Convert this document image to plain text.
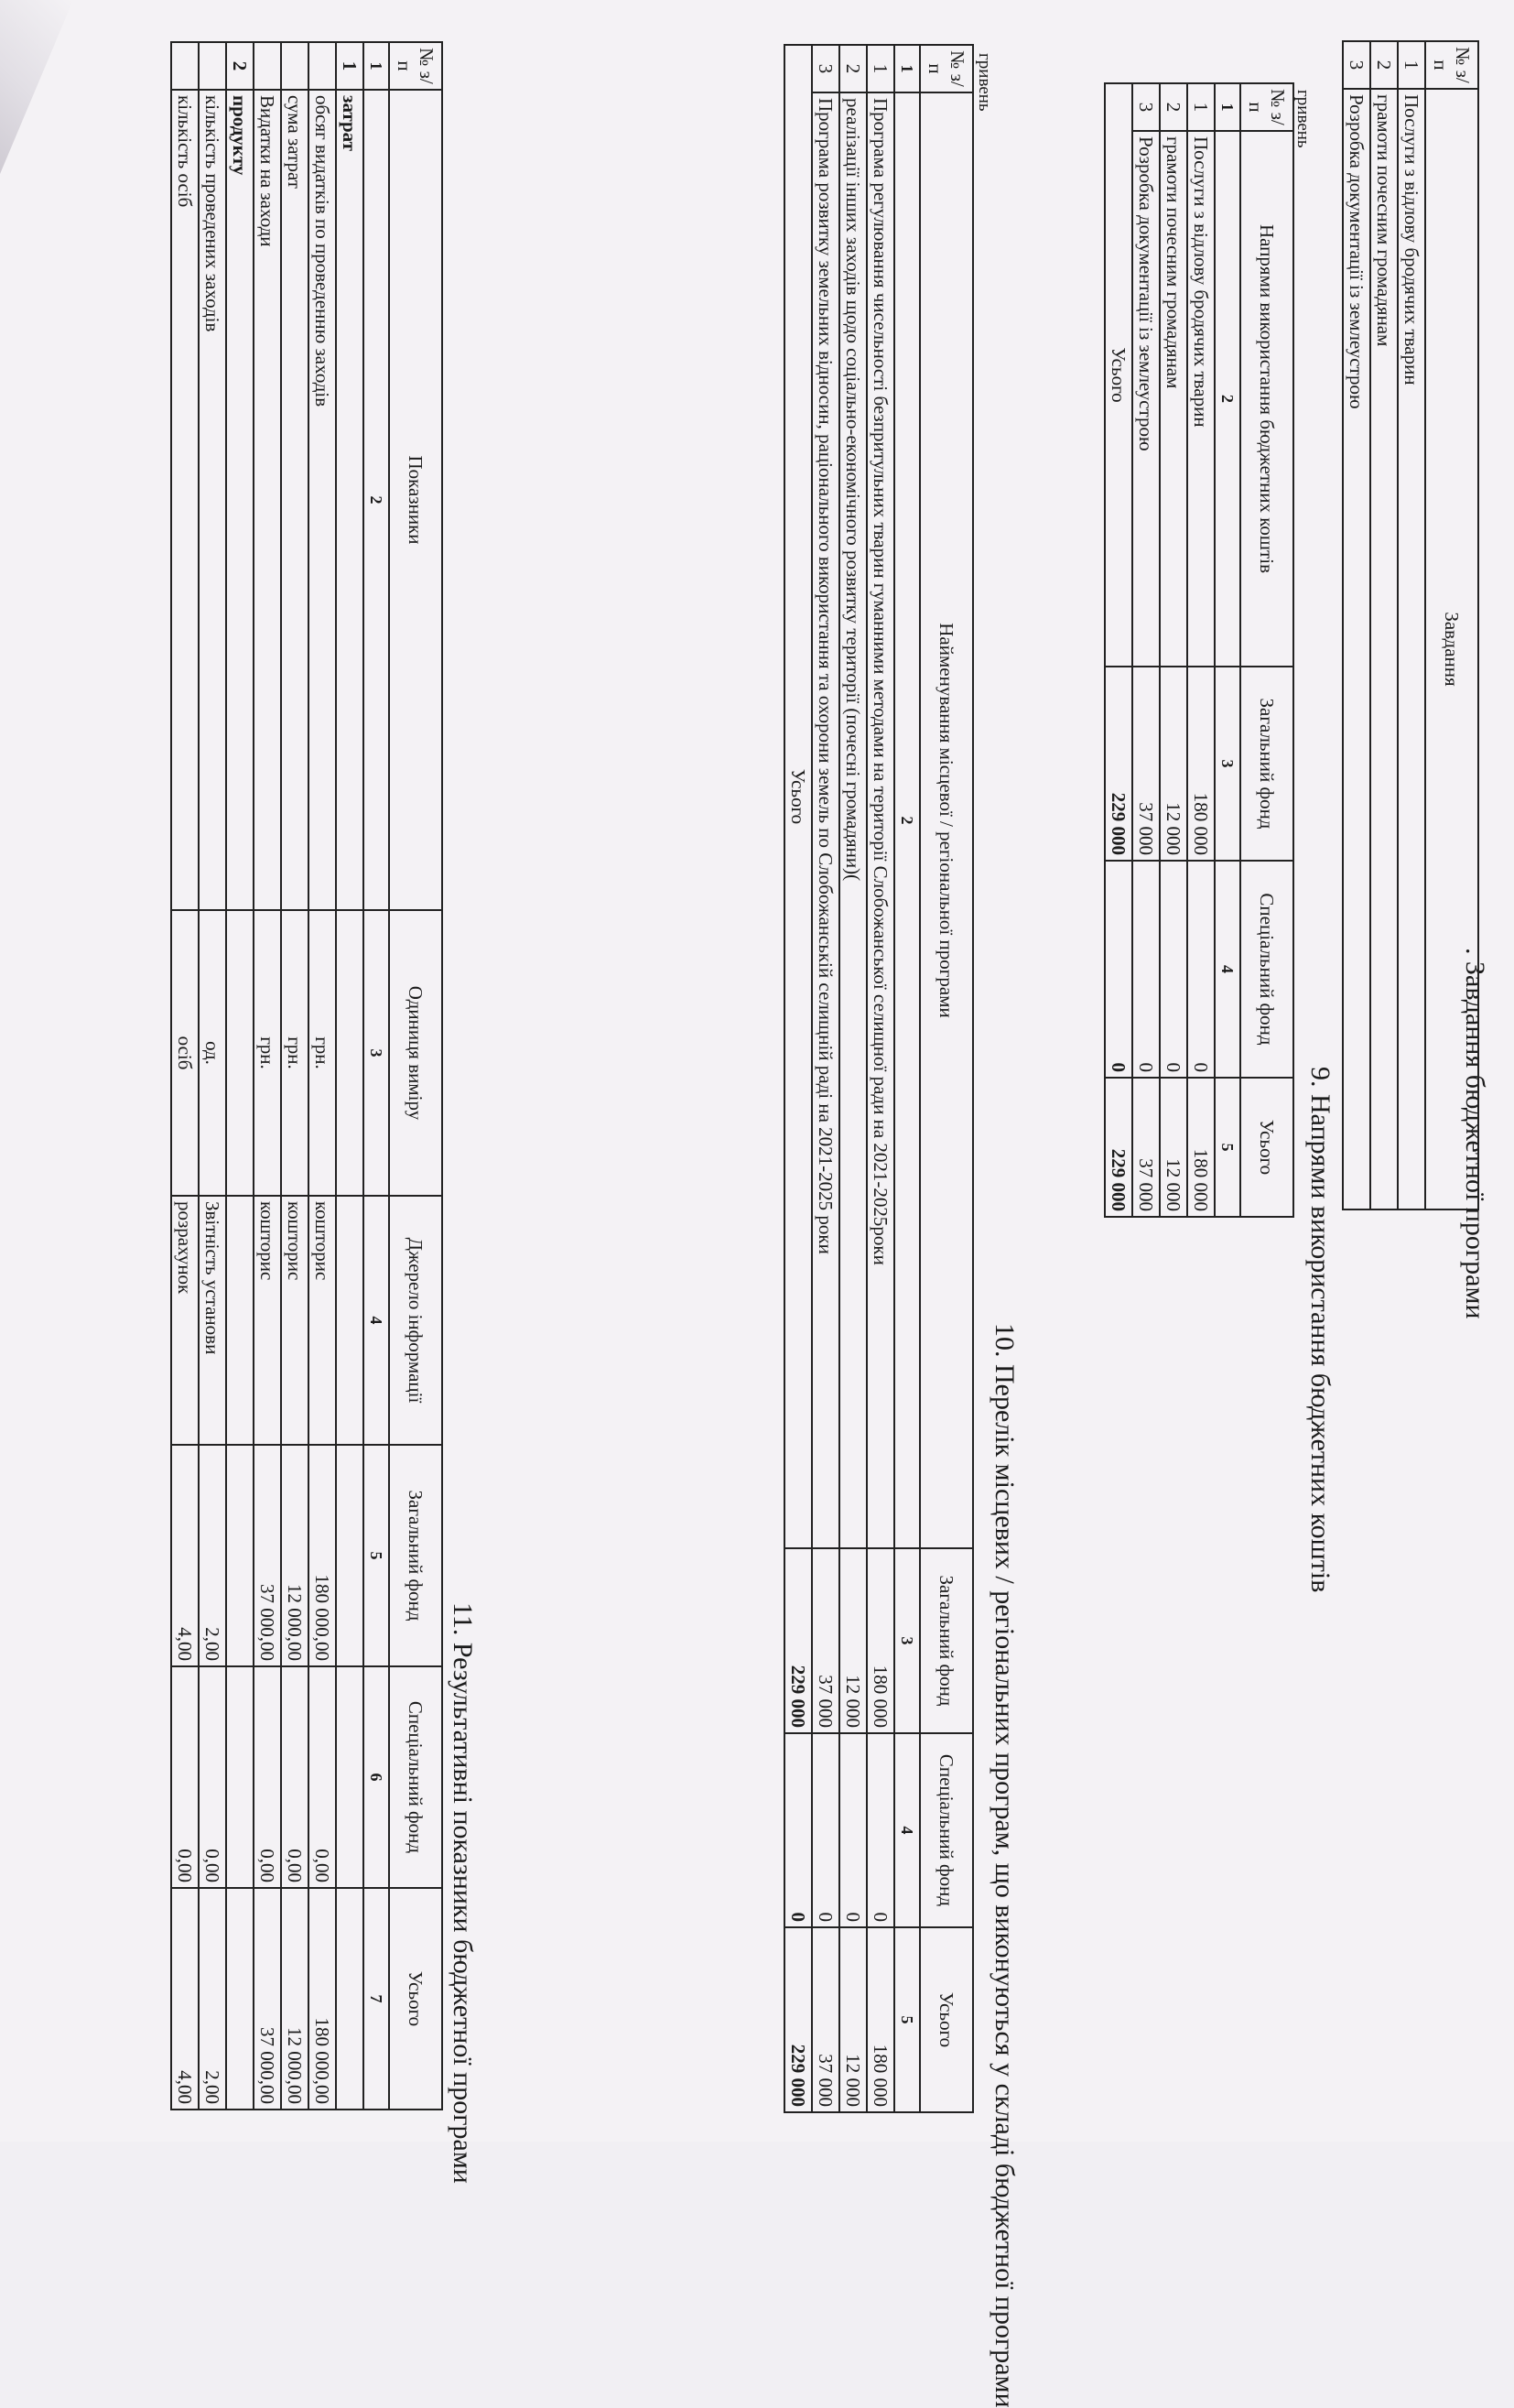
. Завдання бюджетної програми
№ з/п	Завдання
1	Послуги з відлову бродячих тварин
2	грамоти почесним громадянам
3	Розробка документації із землеустрою
9. Напрями використання бюджетних коштів
гривень
№ з/п	Напрями використання бюджетних коштів	Загальний фонд	Спеціальний фонд	Усього
1	2	3	4	5
1	Послуги з відлову бродячих тварин	180 000	0	180 000
2	грамоти почесним громадянам	12 000	0	12 000
3	Розробка документації із землеустрою	37 000	0	37 000
Усього		229 000	0	229 000
10. Перелік місцевих / регіональних програм, що виконуються у складі бюджетної програми
гривень
№ з/п	Найменування місцевої / регіональної програми	Загальний фонд	Спеціальний фонд	Усього
1	2	3	4	5
1	Програма регулювання чисельності безпритульних тварин гуманними методами на території Слобожанської селищної ради на 2021-2025роки	180 000	0	180 000
2	реалізації інших заходів щодо соціально-економічного розвитку території (почесні громадяни)(	12 000	0	12 000
3	Програма розвитку земельних відносин, раціонального використання та охорони земель по Слобожанській селищній раді на 2021-2025 роки	37 000	0	37 000
Усього		229 000	0	229 000
11. Результативні показники бюджетної програми
№ з/п	Показники	Одиниця виміру	Джерело інформації	Загальний фонд	Спеціальний фонд	Усього
1	2	3	4	5	6	7
1	затрат					
	обсяг видатків по проведенню заходів	грн.	кошторис	180 000,00	0,00	180 000,00
	сума затрат	грн.	кошторис	12 000,00	0,00	12 000,00
	Видатки на заходи	грн.	кошторис	37 000,00	0,00	37 000,00
2	продукту					
	кількість проведених заходів	од.	Звітність установи	2,00	0,00	2,00
	кількість осіб	осіб	розрахунок	4,00	0,00	4,00
